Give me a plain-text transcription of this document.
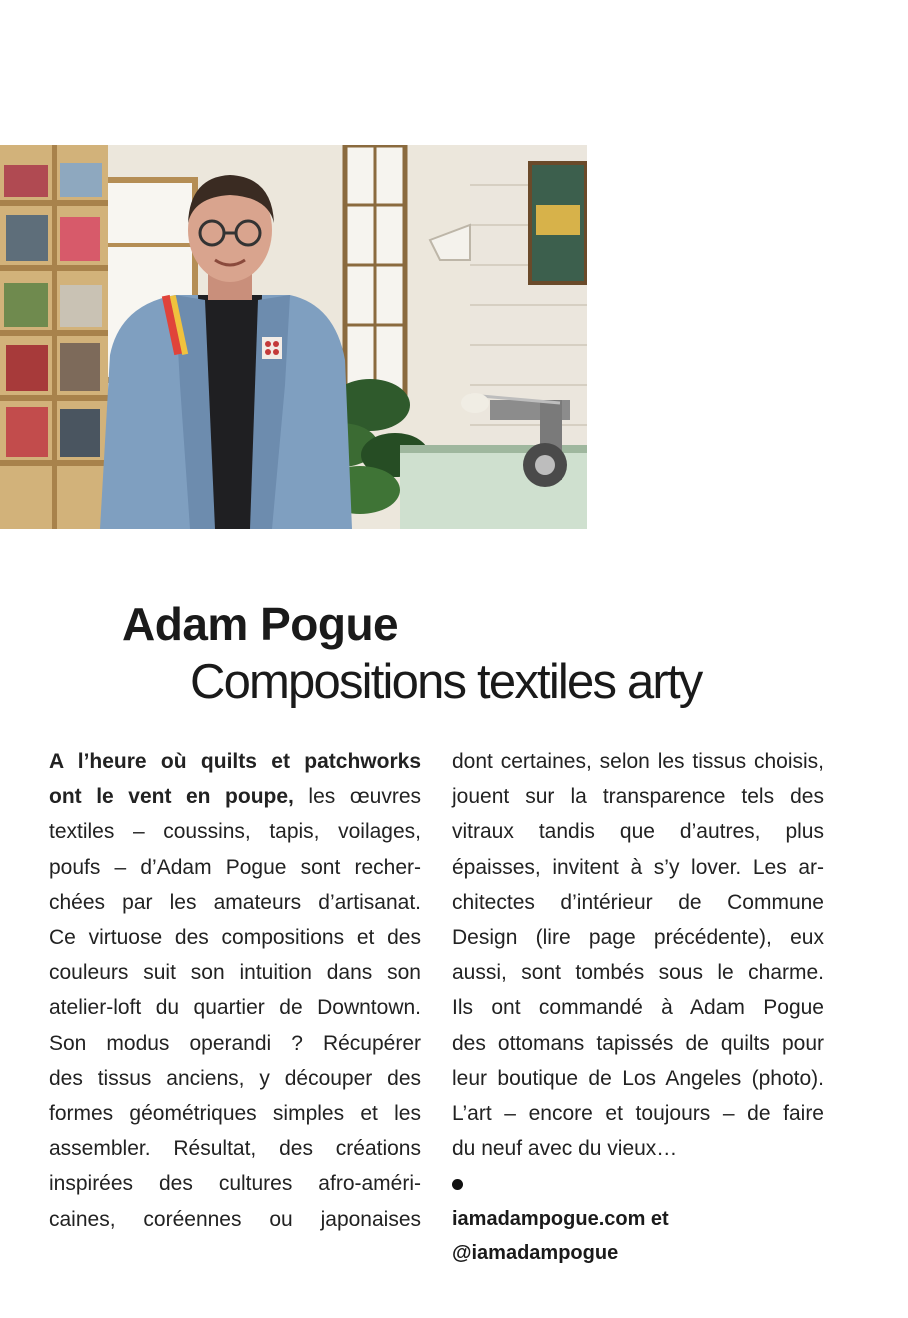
Adam Pogue
Compositions textiles arty
A l’heure où quilts et patchworks
ont le vent en poupe, les œuvres
textiles – coussins, tapis, voilages,
poufs – d’Adam Pogue sont recher-
chées par les amateurs d’artisanat.
Ce virtuose des compositions et des
couleurs suit son intuition dans son
atelier-loft du quartier de Downtown.
Son modus operandi ? Récupérer
des tissus anciens, y découper des
formes géométriques simples et les
assembler. Résultat, des créations
inspirées des cultures afro-améri-
caines, coréennes ou japonaises
dont certaines, selon les tissus choisis,
jouent sur la transparence tels des
vitraux tandis que d’autres, plus
épaisses, invitent à s’y lover. Les ar-
chitectes d’intérieur de Commune
Design (lire page précédente), eux
aussi, sont tombés sous le charme.
Ils ont commandé à Adam Pogue
des ottomans tapissés de quilts pour
leur boutique de Los Angeles (photo).
L’art – encore et toujours – de faire
du neuf avec du vieux…
iamadampogue.com et
@iamadampogue
